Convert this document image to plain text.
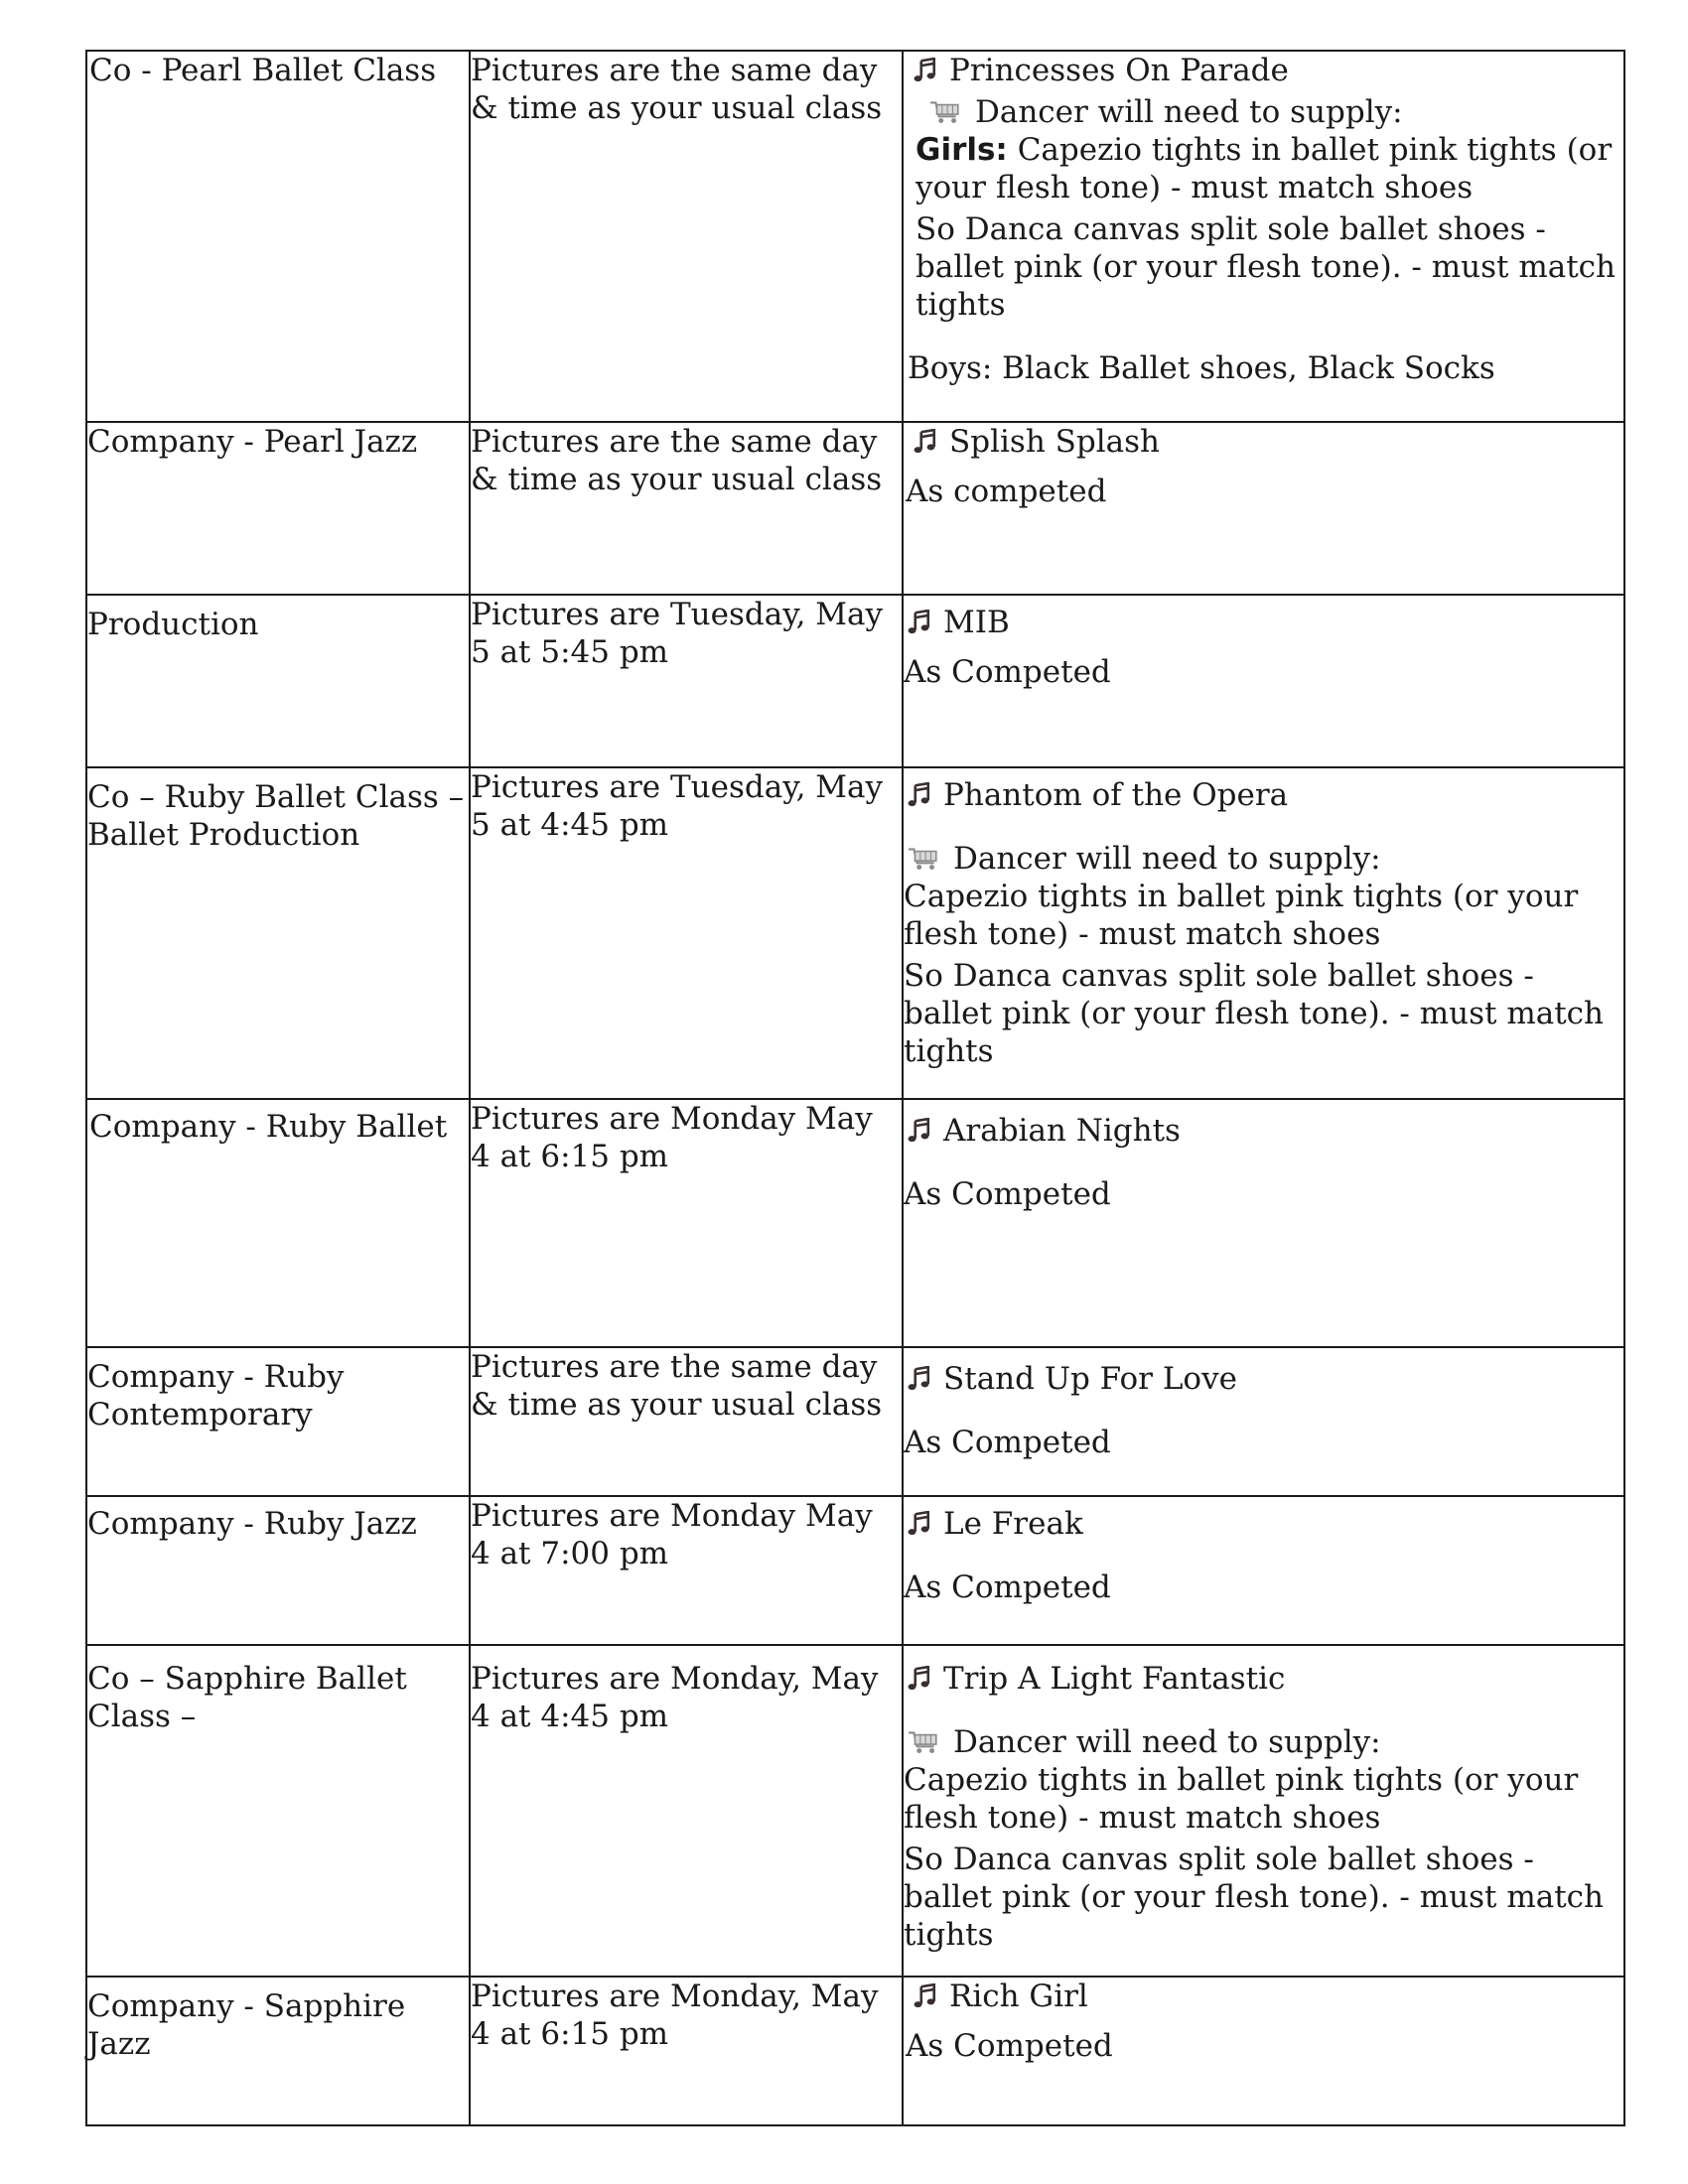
Co - Pearl Ballet Class	Pictures are the same day & time as your usual class	Princesses On Parade
Dancer will need to supply:
Girls: Capezio tights in ballet pink tights (or your flesh tone) - must match shoes
So Danca canvas split sole ballet shoes - ballet pink (or your flesh tone). - must match tights
Boys: Black Ballet shoes, Black Socks

Company - Pearl Jazz	Pictures are the same day & time as your usual class	Splish Splash
As competed

Production	Pictures are Tuesday, May 5 at 5:45 pm	MIB
As Competed

Co – Ruby Ballet Class – Ballet Production	Pictures are Tuesday, May 5 at 4:45 pm	Phantom of the Opera
Dancer will need to supply:
Capezio tights in ballet pink tights (or your flesh tone) - must match shoes
So Danca canvas split sole ballet shoes - ballet pink (or your flesh tone). - must match tights

Company - Ruby Ballet	Pictures are Monday May 4 at 6:15 pm	Arabian Nights
As Competed

Company - Ruby Contemporary	Pictures are the same day & time as your usual class	Stand Up For Love
As Competed

Company - Ruby Jazz	Pictures are Monday May 4 at 7:00 pm	Le Freak
As Competed

Co – Sapphire Ballet Class –	Pictures are Monday, May 4 at 4:45 pm	Trip A Light Fantastic
Dancer will need to supply:
Capezio tights in ballet pink tights (or your flesh tone) - must match shoes
So Danca canvas split sole ballet shoes - ballet pink (or your flesh tone). - must match tights

Company - Sapphire Jazz	Pictures are Monday, May 4 at 6:15 pm	Rich Girl
As Competed
